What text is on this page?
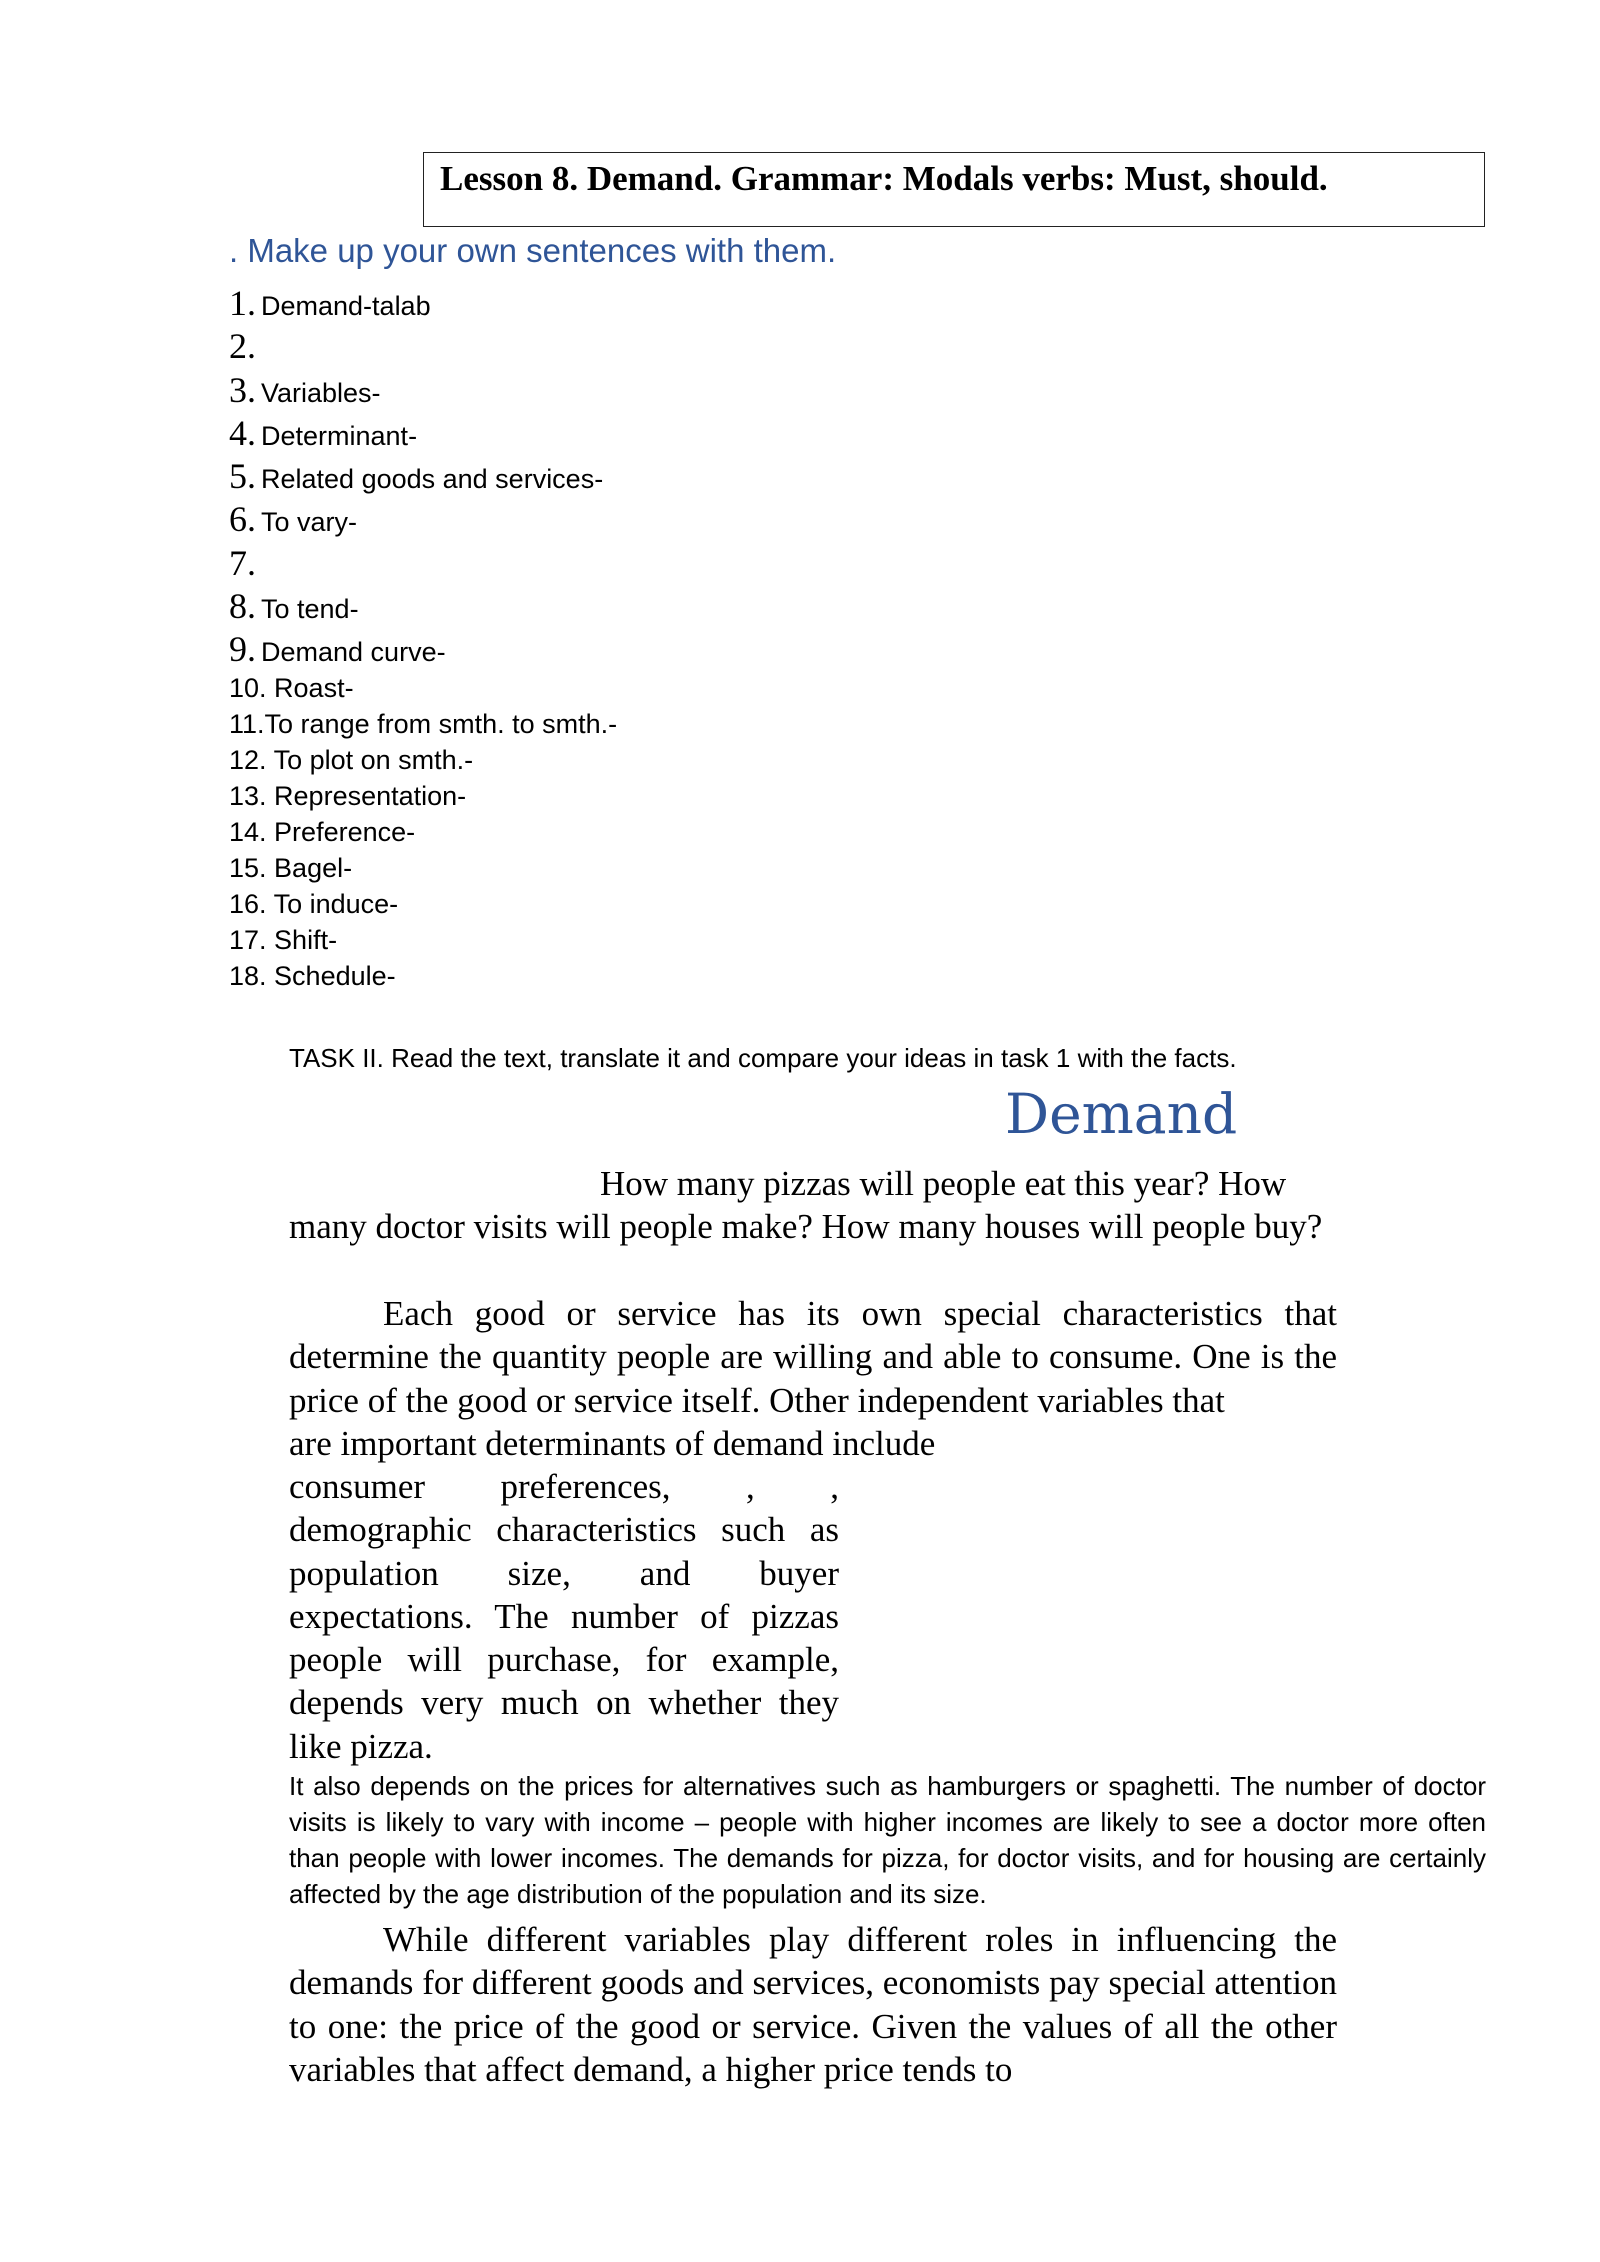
Lesson 8. Demand. Grammar: Modals verbs: Must, should.

. Make up your own sentences with them.

1. Demand-talab
2.
3. Variables-
4. Determinant-
5. Related goods and services-
6. To vary-
7.
8. To tend-
9. Demand curve-
10. Roast-
11.To range from smth. to smth.-
12. To plot on smth.-
13. Representation-
14. Preference-
15. Bagel-
16. To induce-
17. Shift-
18. Schedule-

TASK II. Read the text, translate it and compare your ideas in task 1 with the facts.

Demand

How many pizzas will people eat this year? How many doctor visits will people make? How many houses will people buy?

Each good or service has its own special characteristics that determine the quantity people are willing and able to consume. One is the price of the good or service itself. Other independent variables that

are important determinants of demand include

consumer preferences, , ,
demographic characteristics such as
population size, and buyer
expectations. The number of pizzas
people will purchase, for example,
depends very much on whether they
like pizza.

It also depends on the prices for alternatives such as hamburgers or spaghetti. The number of doctor visits is likely to vary with income – people with higher incomes are likely to see a doctor more often than people with lower incomes. The demands for pizza, for doctor visits, and for housing are certainly affected by the age distribution of the population and its size.

While different variables play different roles in influencing the demands for different goods and services, economists pay special attention to one: the price of the good or service. Given the values of all the other variables that affect demand, a higher price tends to
